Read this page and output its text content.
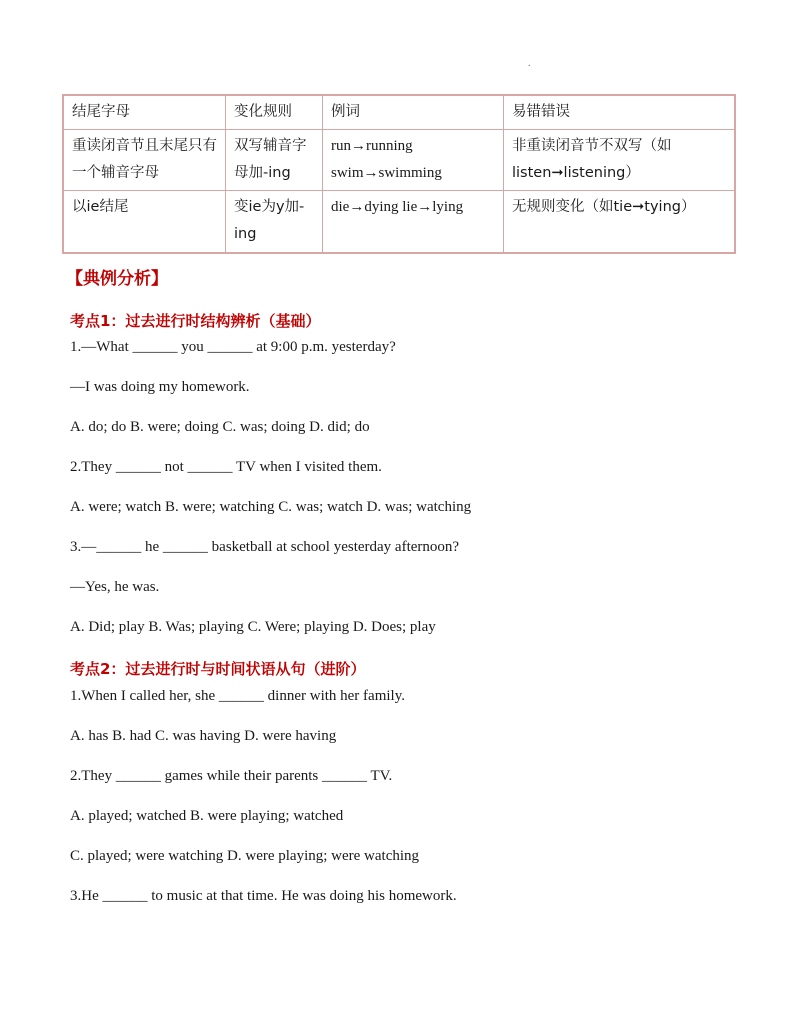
.
结尾字母	变化规则	例词	易错错误
重读闭音节且末尾只有一个辅音字母	双写辅音字母加-ing	run→running swim→swimming	非重读闭音节不双写（如listen➞listening）
以ie结尾	变ie为y加-ing	die→dying lie→lying	无规则变化（如tie➞tying）
【典例分析】
考点1：过去进行时结构辨析（基础）
1.—What ______ you ______ at 9:00 p.m. yesterday?
—I was doing my homework.
A. do; do B. were; doing C. was; doing D. did; do
2.They ______ not ______ TV when I visited them.
A. were; watch B. were; watching C. was; watch D. was; watching
3.—______ he ______ basketball at school yesterday afternoon?
—Yes, he was.
A. Did; play B. Was; playing C. Were; playing D. Does; play
考点2：过去进行时与时间状语从句（进阶）
1.When I called her, she ______ dinner with her family.
A. has B. had C. was having D. were having
2.They ______ games while their parents ______ TV.
A. played; watched B. were playing; watched
C. played; were watching D. were playing; were watching
3.He ______ to music at that time. He was doing his homework.
